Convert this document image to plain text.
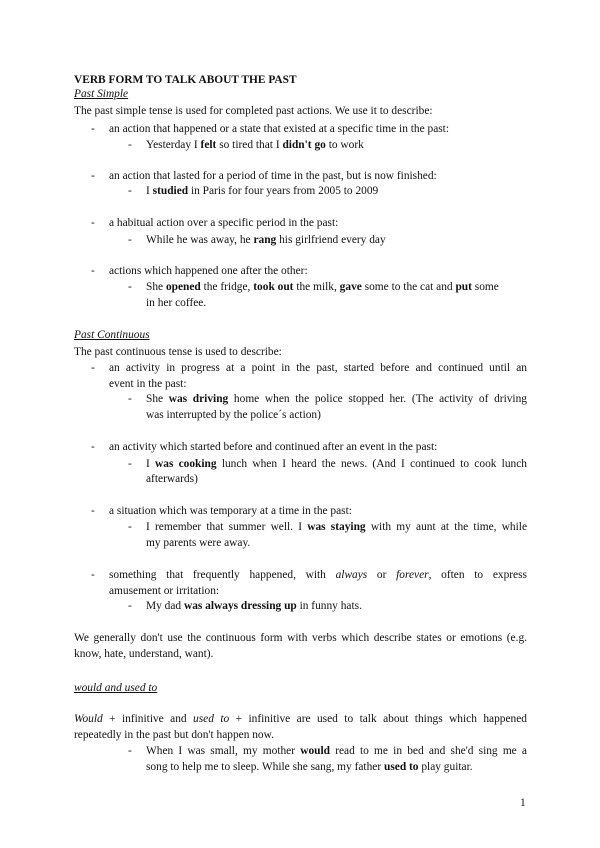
VERB FORM TO TALK ABOUT THE PAST
Past Simple
The past simple tense is used for completed past actions. We use it to describe:
- an action that happened or a state that existed at a specific time in the past:
- Yesterday I felt so tired that I didn't go to work
- an action that lasted for a period of time in the past, but is now finished:
- I studied in Paris for four years from 2005 to 2009
- a habitual action over a specific period in the past:
- While he was away, he rang his girlfriend every day
- actions which happened one after the other:
- She opened the fridge, took out the milk, gave some to the cat and put some
in her coffee.
Past Continuous
The past continuous tense is used to describe:
- an activity in progress at a point in the past, started before and continued until an
event in the past:
- She was driving home when the police stopped her. (The activity of driving
was interrupted by the police´s action)
- an activity which started before and continued after an event in the past:
- I was cooking lunch when I heard the news. (And I continued to cook lunch
afterwards)
- a situation which was temporary at a time in the past:
- I remember that summer well. I was staying with my aunt at the time, while
my parents were away.
- something that frequently happened, with always or forever, often to express
amusement or irritation:
- My dad was always dressing up in funny hats.
We generally don't use the continuous form with verbs which describe states or emotions (e.g.
know, hate, understand, want).
would and used to
Would + infinitive and used to + infinitive are used to talk about things which happened
repeatedly in the past but don't happen now.
- When I was small, my mother would read to me in bed and she'd sing me a
song to help me to sleep. While she sang, my father used to play guitar.
1
